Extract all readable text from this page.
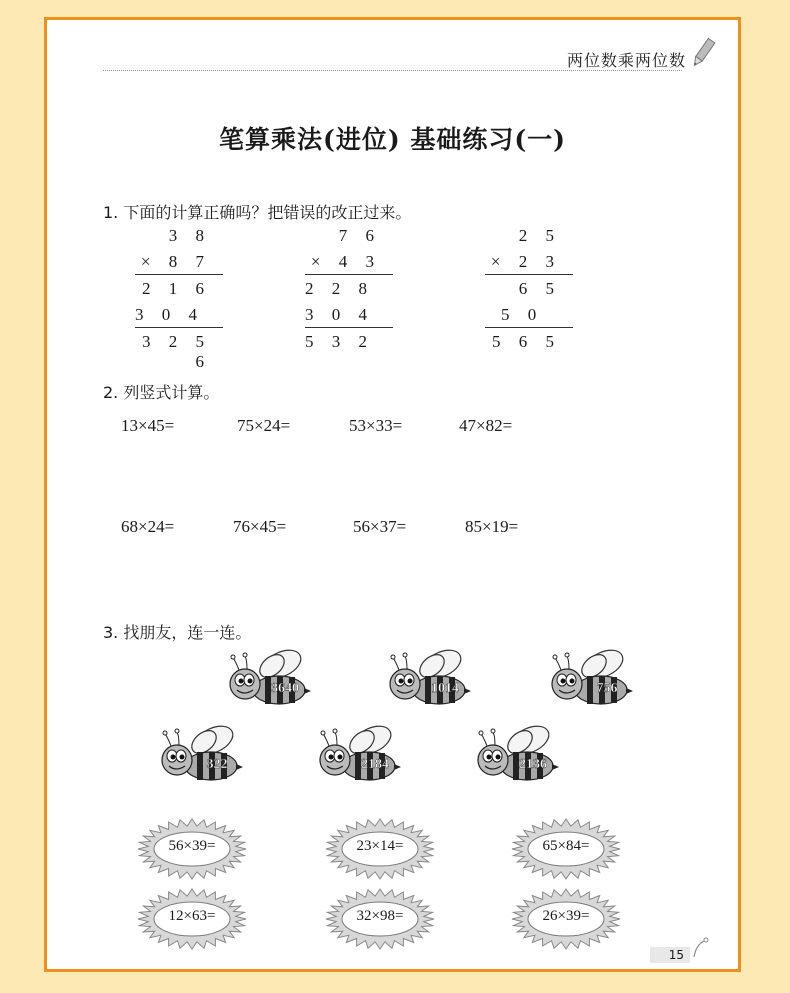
两位数乘两位数
笔算乘法(进位) 基础练习(一)
1. 下面的计算正确吗？把错误的改正过来。
3 8
× 8 7
2 1 6
3 0 4
3 2 5 6
7 6
× 4 3
2 2 8
3 0 4
5 3 2
2 5
× 2 3
6 5
5 0
5 6 5
2. 列竖式计算。
13×45=	75×24=	53×33=	47×82=
68×24=	76×45=	56×37=	85×19=
3. 找朋友，连一连。
3640	1014	756
322	2184	2136
56×39=	23×14=	65×84=
12×63=	32×98=	26×39=
15
